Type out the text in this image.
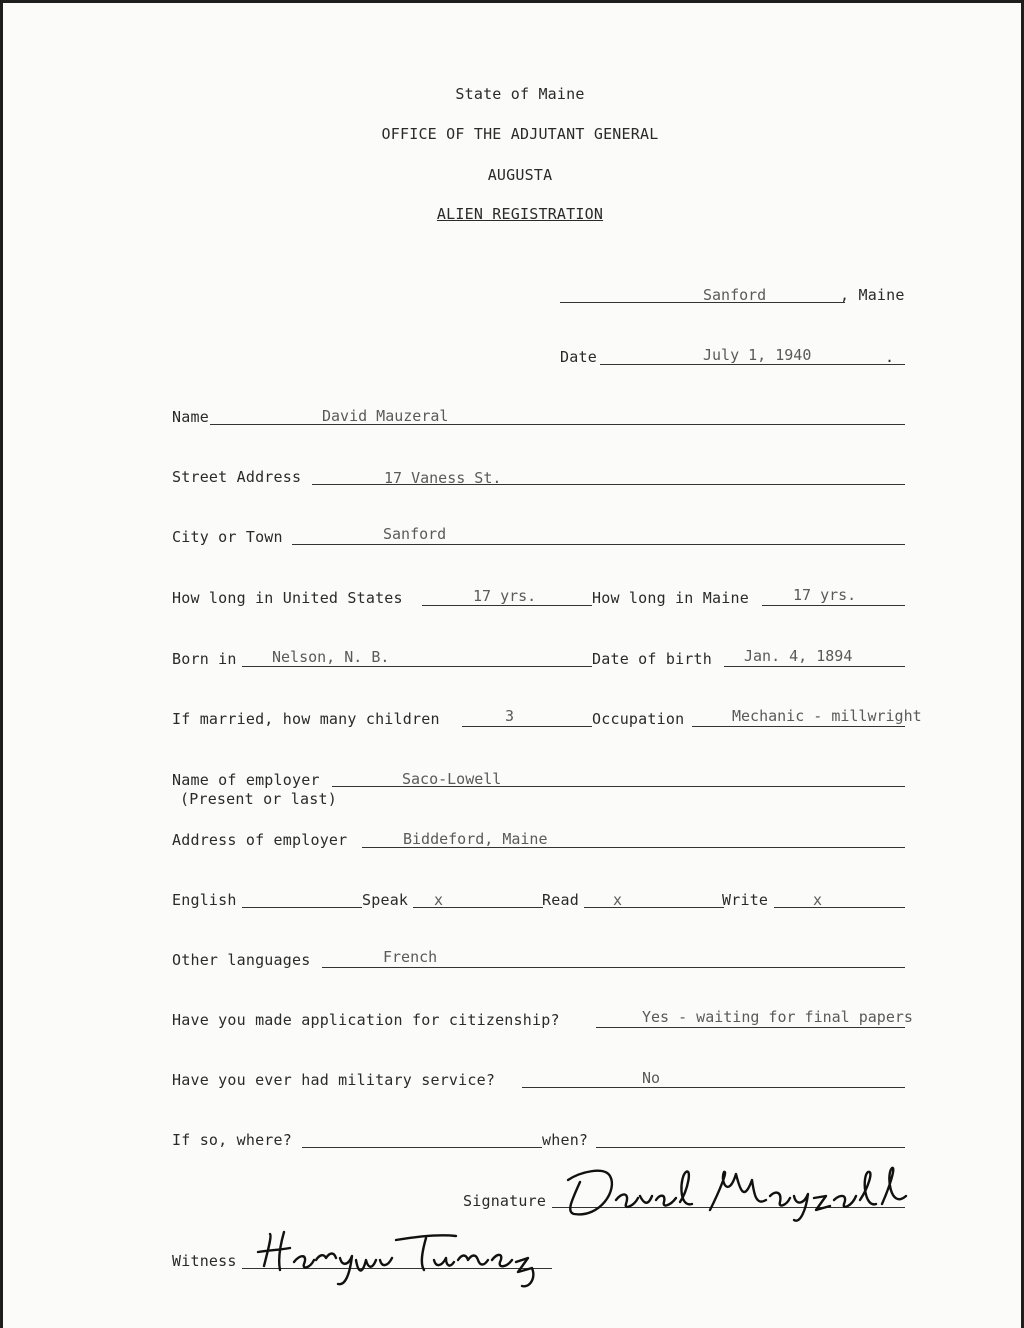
State of Maine
OFFICE OF THE ADJUTANT GENERAL
AUGUSTA
ALIEN REGISTRATION
Sanford	, Maine
Date	July 1, 1940	.
Name	David Mauzeral
Street Address	17 Vaness St.
City or Town	Sanford
How long in United States	17 yrs.	How long in Maine	17 yrs.
Born in Nelson, N. B.	Date of birth Jan. 4, 1894
If married, how many children	3	Occupation	Mechanic - millwright
Name of employer
(Present or last)
Saco-Lowell
Address of employer	Biddeford, Maine
English	Speak x	Read x	Write	x
Other languages	French
Have you made application for citizenship?	Yes - waiting for final papers
Have you ever had military service?	No
If so, where?	when?
Signature
Witness
